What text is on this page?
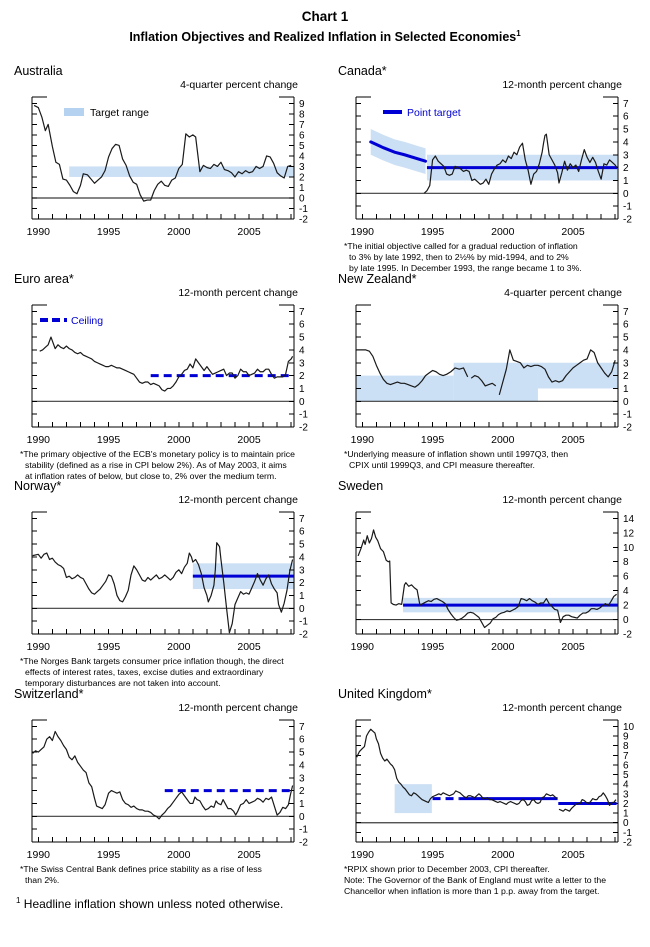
Chart 1
Inflation Objectives and Realized Inflation in Selected Economies$^1$
Australia
4-quarter percent change
-2
-1
0
1
2
3
4
5
6
7
8
9
1990	1995	2000	2005
Target range
Canada*
12-month percent change
-2
-1
0
1
2
3
4
5
6
7
1990	1995	2000	2005
Point target
*The initial objective called for a gradual reduction of inflation
to 3% by late 1992, then to 2½% by mid-1994, and to 2%
by late 1995. In December 1993, the range became 1 to 3%.
Euro area*
12-month percent change
-2
-1
0
1
2
3
4
5
6
7
1990	1995	2000	2005
Ceiling
*The primary objective of the ECB's monetary policy is to maintain price
stability (defined as a rise in CPI below 2%). As of May 2003, it aims
at inflation rates of below, but close to, 2% over the medium term.
New Zealand*
4-quarter percent change
-2
-1
0
1
2
3
4
5
6
7
1990	1995	2000	2005
*Underlying measure of inflation shown until 1997Q3, then
CPIX until 1999Q3, and CPI measure thereafter.
Norway*
12-month percent change
-2
-1
0
1
2
3
4
5
6
7
1990	1995	2000	2005
*The Norges Bank targets consumer price inflation though, the direct
effects of interest rates, taxes, excise duties and extraordinary
temporary disturbances are not taken into account.
Sweden
12-month percent change
-2
0
2
4
6
8
10
12
14
1990	1995	2000	2005
Switzerland*
12-month percent change
-2
-1
0
1
2
3
4
5
6
7
1990	1995	2000	2005
*The Swiss Central Bank defines price stability as a rise of less
than 2%.
United Kingdom*
12-month percent change
-2
-1
0
1
2
3
4
5
6
7
8
9
10
1990	1995	2000	2005
*RPIX shown prior to December 2003, CPI thereafter.
Note: The Governor of the Bank of England must write a letter to the
Chancellor when inflation is more than 1 p.p. away from the target.
$^1$ Headline inflation shown unless noted otherwise.
